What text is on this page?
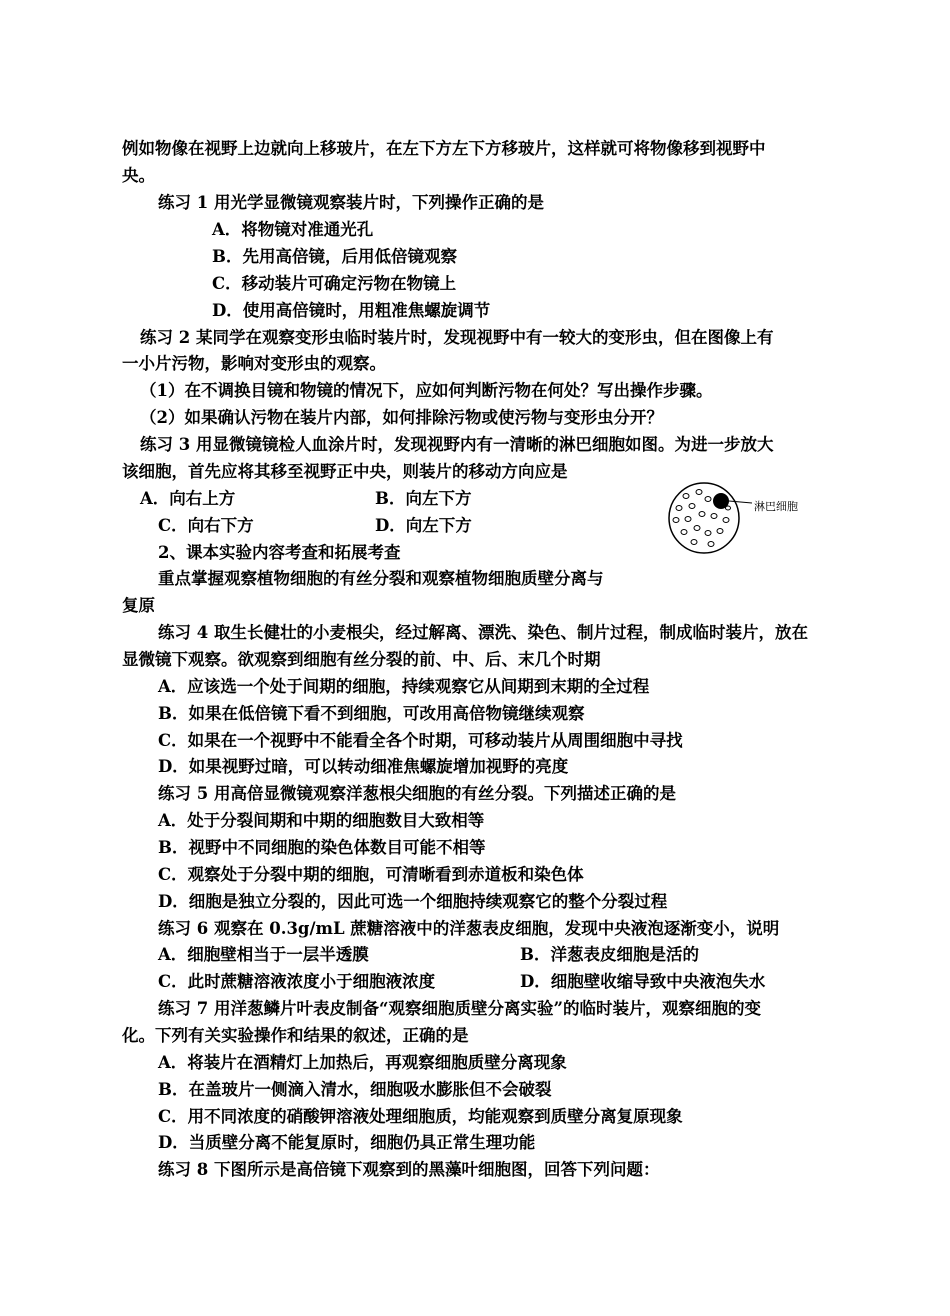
例如物像在视野上边就向上移玻片，在左下方左下方移玻片，这样就可将物像移到视野中
央。
练习 1 用光学显微镜观察装片时，下列操作正确的是
A．将物镜对准通光孔
B．先用高倍镜，后用低倍镜观察
C．移动装片可确定污物在物镜上
D．使用高倍镜时，用粗准焦螺旋调节
练习 2 某同学在观察变形虫临时装片时，发现视野中有一较大的变形虫，但在图像上有
一小片污物，影响对变形虫的观察。
（1）在不调换目镜和物镜的情况下，应如何判断污物在何处？写出操作步骤。
（2）如果确认污物在装片内部，如何排除污物或使污物与变形虫分开？
练习 3 用显微镜镜检人血涂片时，发现视野内有一清晰的淋巴细胞如图。为进一步放大
该细胞，首先应将其移至视野正中央，则装片的移动方向应是
A．向右上方	B．向左下方
C．向右下方	D．向左下方
淋巴细胞
2、课本实验内容考查和拓展考查
重点掌握观察植物细胞的有丝分裂和观察植物细胞质壁分离与
复原
练习 4 取生长健壮的小麦根尖，经过解离、漂洗、染色、制片过程，制成临时装片，放在
显微镜下观察。欲观察到细胞有丝分裂的前、中、后、末几个时期
A．应该选一个处于间期的细胞，持续观察它从间期到末期的全过程
B．如果在低倍镜下看不到细胞，可改用高倍物镜继续观察
C．如果在一个视野中不能看全各个时期，可移动装片从周围细胞中寻找
D．如果视野过暗，可以转动细准焦螺旋增加视野的亮度
练习 5 用高倍显微镜观察洋葱根尖细胞的有丝分裂。下列描述正确的是
A．处于分裂间期和中期的细胞数目大致相等
B．视野中不同细胞的染色体数目可能不相等
C．观察处于分裂中期的细胞，可清晰看到赤道板和染色体
D．细胞是独立分裂的，因此可选一个细胞持续观察它的整个分裂过程
练习 6 观察在 0.3g/mL 蔗糖溶液中的洋葱表皮细胞，发现中央液泡逐渐变小，说明
A．细胞壁相当于一层半透膜	B．洋葱表皮细胞是活的
C．此时蔗糖溶液浓度小于细胞液浓度	D．细胞壁收缩导致中央液泡失水
练习 7 用洋葱鳞片叶表皮制备“观察细胞质壁分离实验”的临时装片，观察细胞的变
化。下列有关实验操作和结果的叙述，正确的是
A．将装片在酒精灯上加热后，再观察细胞质壁分离现象
B．在盖玻片一侧滴入清水，细胞吸水膨胀但不会破裂
C．用不同浓度的硝酸钾溶液处理细胞质，均能观察到质壁分离复原现象
D．当质壁分离不能复原时，细胞仍具正常生理功能
练习 8 下图所示是高倍镜下观察到的黑藻叶细胞图，回答下列问题：
